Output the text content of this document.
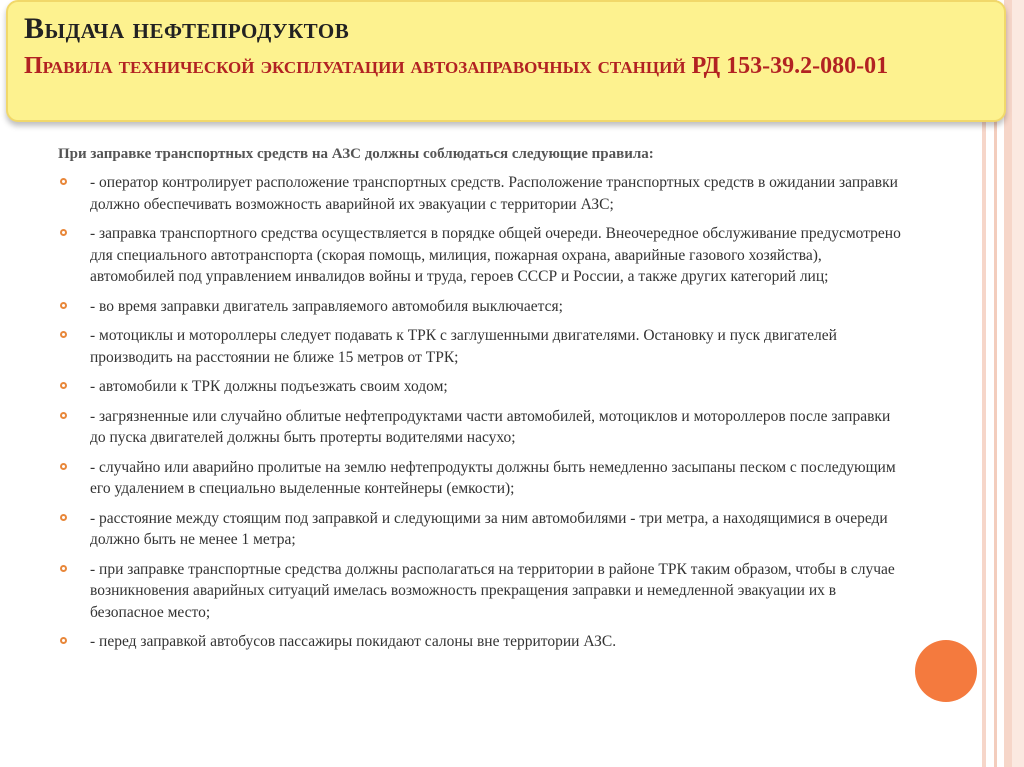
Выдача нефтепродуктов
Правила технической эксплуатации автозаправочных станций РД 153-39.2-080-01
При заправке транспортных средств на АЗС должны соблюдаться следующие правила:
- оператор контролирует расположение транспортных средств. Расположение транспортных средств в ожидании заправки должно обеспечивать возможность аварийной их эвакуации с территории АЗС;
- заправка транспортного средства осуществляется в порядке общей очереди. Внеочередное обслуживание предусмотрено для специального автотранспорта (скорая помощь, милиция, пожарная охрана, аварийные газового хозяйства), автомобилей под управлением инвалидов войны и труда, героев СССР и России, а также других категорий лиц;
- во время заправки двигатель заправляемого автомобиля выключается;
- мотоциклы и мотороллеры следует подавать к ТРК с заглушенными двигателями. Остановку и пуск двигателей производить на расстоянии не ближе 15 метров от ТРК;
- автомобили к ТРК должны подъезжать своим ходом;
- загрязненные или случайно облитые нефтепродуктами части автомобилей, мотоциклов и мотороллеров после заправки до пуска двигателей должны быть протерты водителями насухо;
- случайно или аварийно пролитые на землю нефтепродукты должны быть немедленно засыпаны песком с последующим его удалением в специально выделенные контейнеры (емкости);
- расстояние между стоящим под заправкой и следующими за ним автомобилями - три метра, а находящимися в очереди должно быть не менее 1 метра;
- при заправке транспортные средства должны располагаться на территории в районе ТРК таким образом, чтобы в случае возникновения аварийных ситуаций имелась возможность прекращения заправки и немедленной эвакуации их в безопасное место;
- перед заправкой автобусов пассажиры покидают салоны вне территории АЗС.
